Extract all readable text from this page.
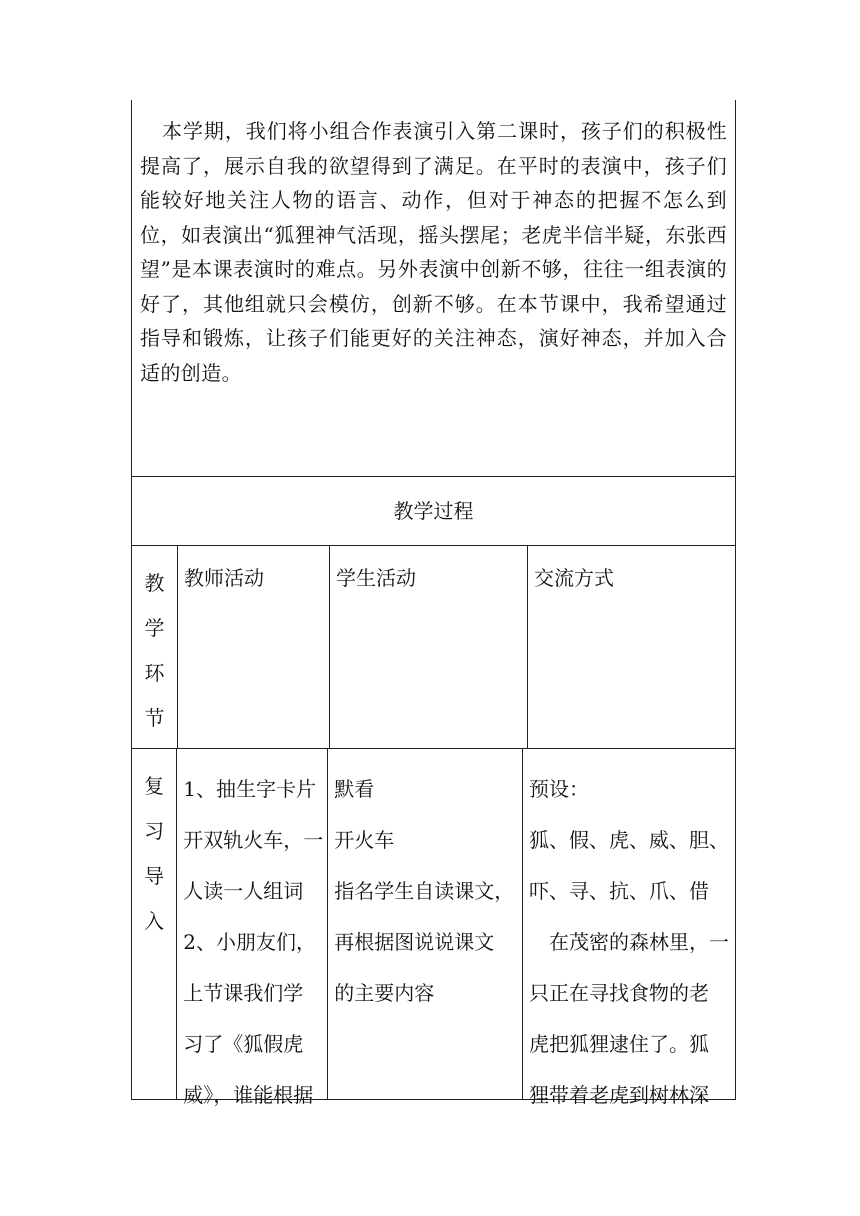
本学期，我们将小组合作表演引入第二课时，孩子们的积极性提高了，展示自我的欲望得到了满足。在平时的表演中，孩子们能较好地关注人物的语言、动作，但对于神态的把握不怎么到位，如表演出“狐狸神气活现，摇头摆尾；老虎半信半疑，东张西望”是本课表演时的难点。另外表演中创新不够，往往一组表演的好了，其他组就只会模仿，创新不够。在本节课中，我希望通过指导和锻炼，让孩子们能更好的关注神态，演好神态，并加入合适的创造。

教学过程
教
学
环
节
教师活动	学生活动	交流方式
复
习
导
入
1、抽生字卡片
开双轨火车，一
人读一人组词
2、小朋友们，
上节课我们学
习了《狐假虎
威》，谁能根据
默看
开火车
指名学生自读课文，
再根据图说说课文
的主要内容
预设：
狐、假、虎、威、胆、
吓、寻、抗、爪、借
在茂密的森林里，一
只正在寻找食物的老
虎把狐狸逮住了。狐
狸带着老虎到树林深
